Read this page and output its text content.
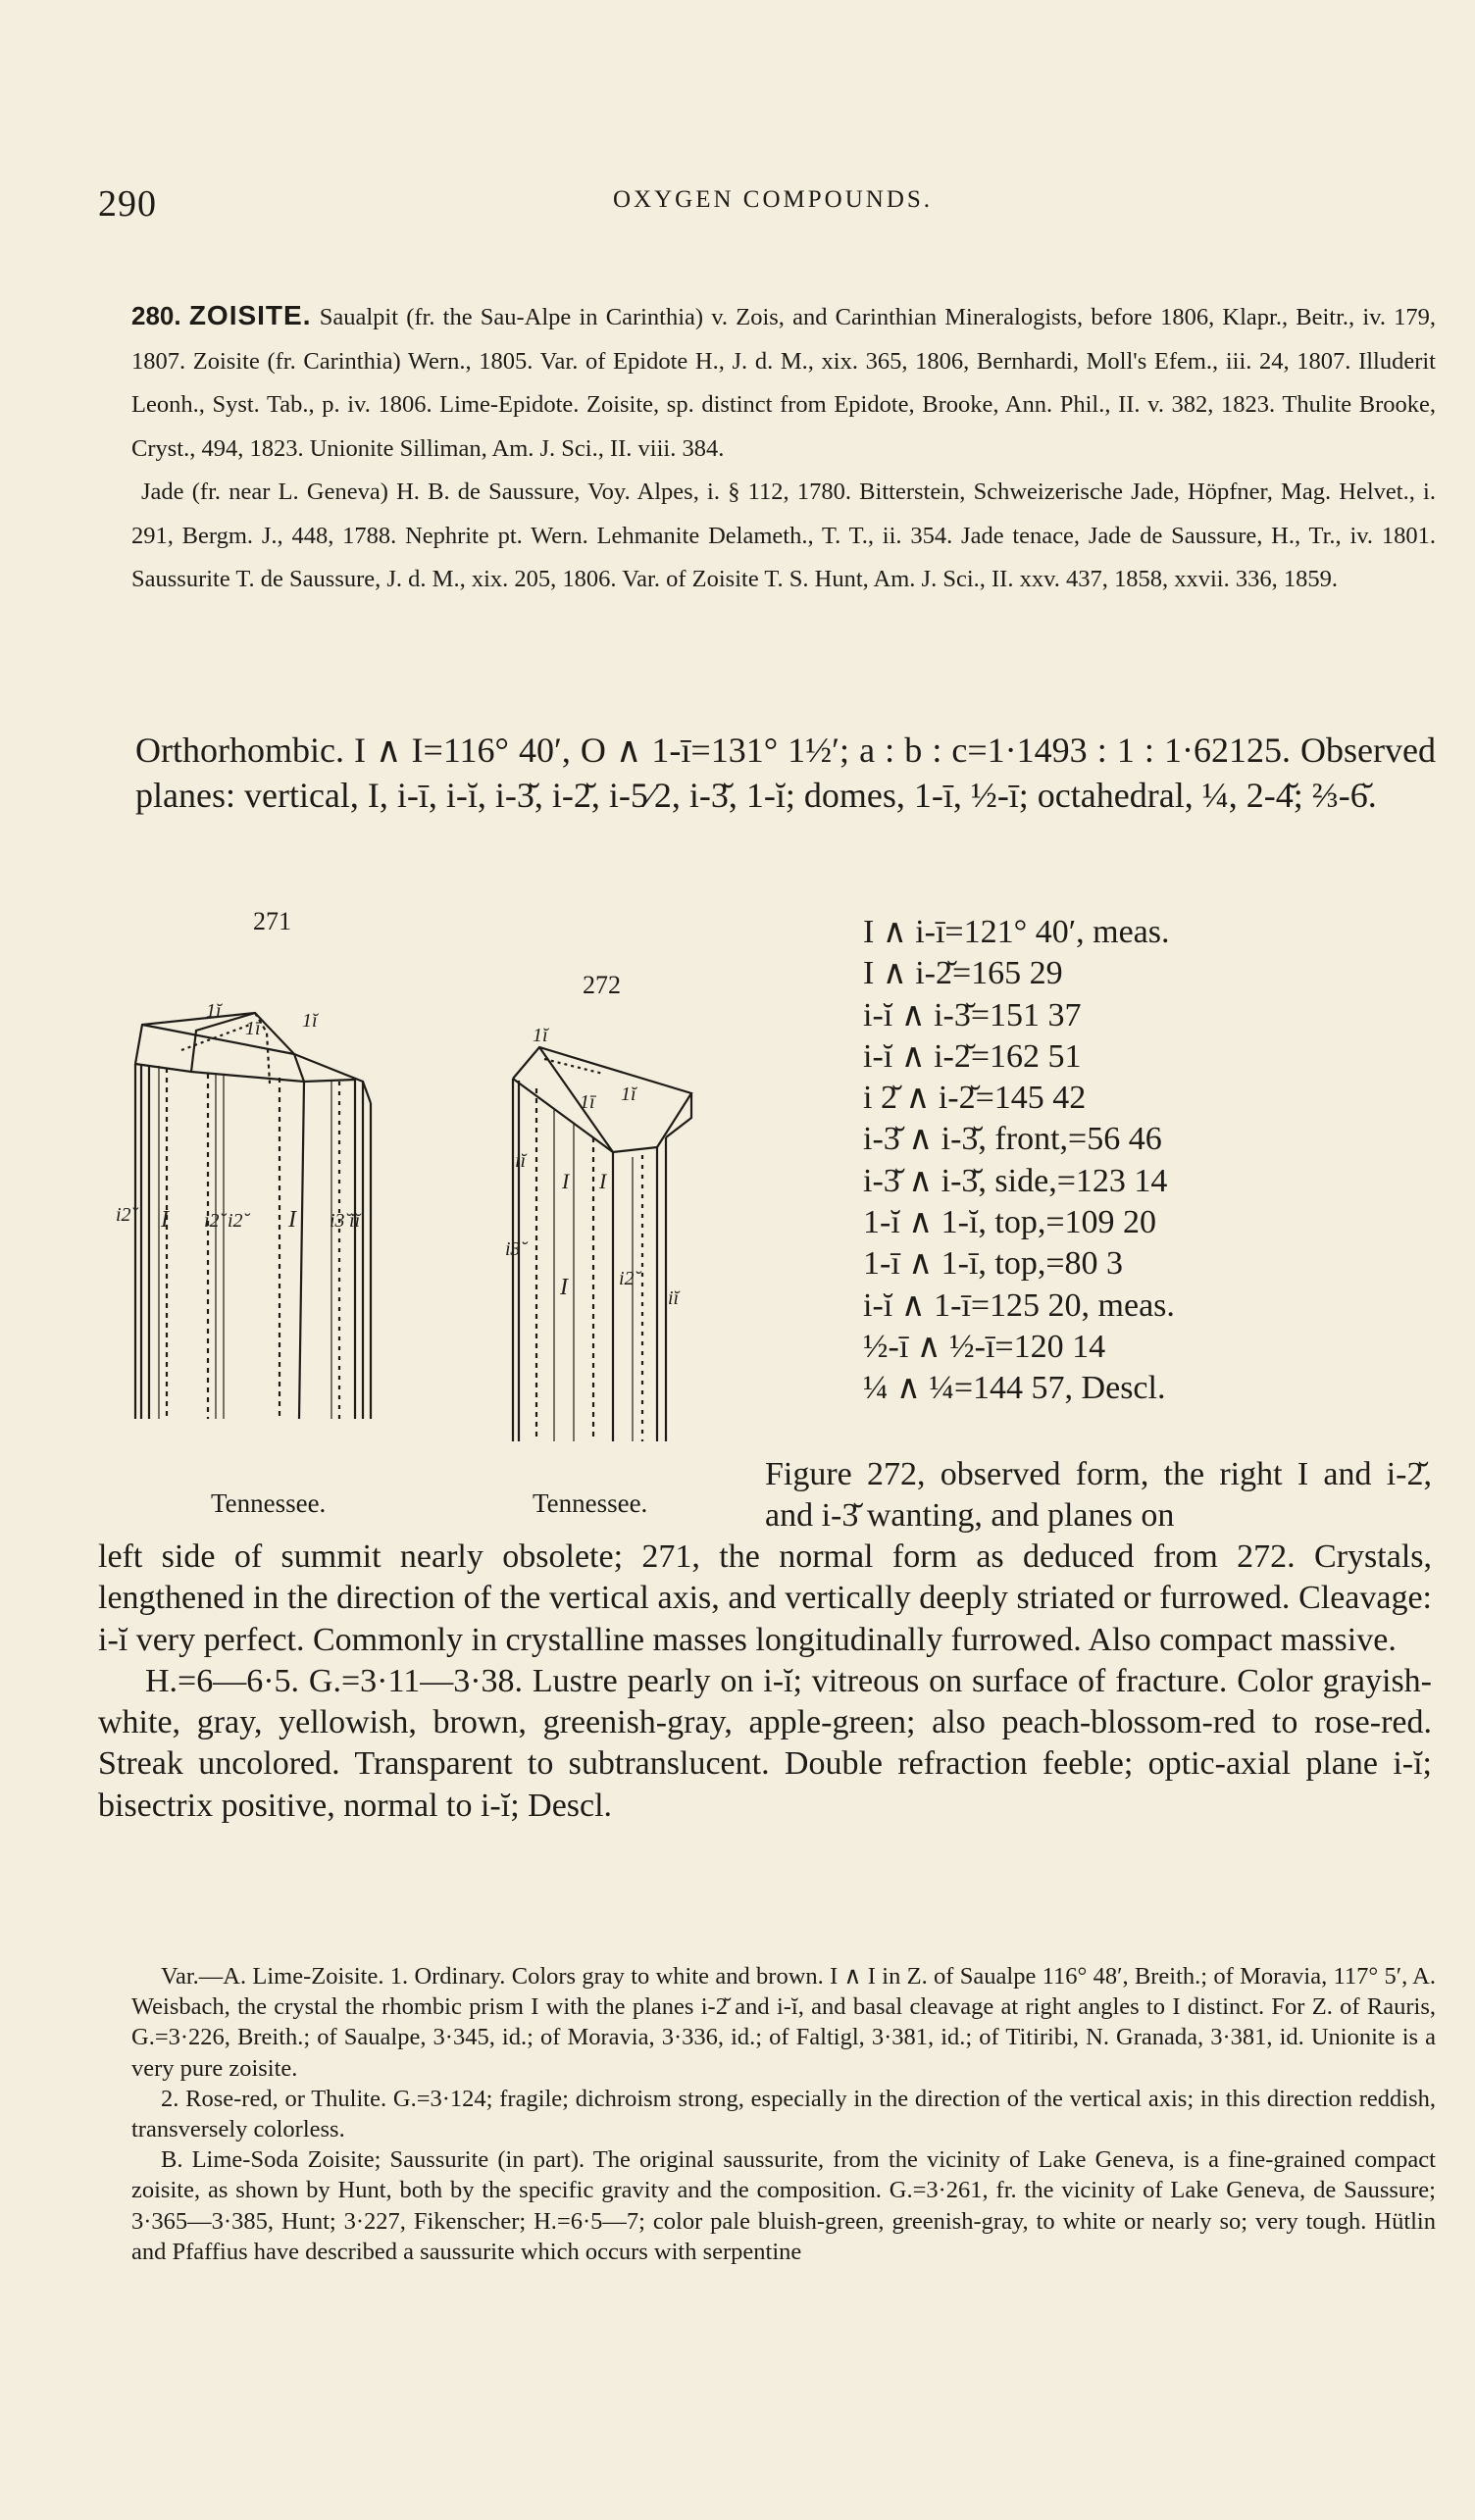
290	OXYGEN COMPOUNDS.

280. ZOISITE. Saualpit (fr. the Sau-Alpe in Carinthia) v. Zois, and Carinthian Mineralogists, before 1806, Klapr., Beitr., iv. 179, 1807. Zoisite (fr. Carinthia) Wern., 1805. Var. of Epidote H., J. d. M., xix. 365, 1806, Bernhardi, Moll's Efem., iii. 24, 1807. Illuderit Leonh., Syst. Tab., p. iv. 1806. Lime-Epidote. Zoisite, sp. distinct from Epidote, Brooke, Ann. Phil., II. v. 382, 1823. Thulite Brooke, Cryst., 494, 1823. Unionite Silliman, Am. J. Sci., II. viii. 384.

Jade (fr. near L. Geneva) H. B. de Saussure, Voy. Alpes, i. § 112, 1780. Bitterstein, Schweizerische Jade, Höpfner, Mag. Helvet., i. 291, Bergm. J., 448, 1788. Nephrite pt. Wern. Lehmanite Delameth., T. T., ii. 354. Jade tenace, Jade de Saussure, H., Tr., iv. 1801. Saussurite T. de Saussure, J. d. M., xix. 205, 1806. Var. of Zoisite T. S. Hunt, Am. J. Sci., II. xxv. 437, 1858, xxvii. 336, 1859.

Orthorhombic. I ∧ I=116° 40′, O ∧ 1-ī=131° 1½′; a : b : c=1·1493 : 1 : 1·62125. Observed planes: vertical, I, i-ī, i-ĭ, i-3̆, i-2̆, i-5⁄2, i-3̆, 1-ĭ; domes, 1-ī, ½-ī; octahedral, ¼, 2-4̆; ⅔-6̆.

271
1ĭ
1ī 1ĭ
i2̆	I i2̆ i2̆	I i3̆ iĭ
Tennessee.
272
1ĭ
1ī 1ĭ
iĭ
I I
i3̆
I	i2̆
iĭ
Tennessee.
I ∧ i-ī=121° 40′, meas.
I ∧ i-2̆=165 29
i-ĭ ∧ i-3̆=151 37
i-ĭ ∧ i-2̆=162 51
i 2̆ ∧ i-2̆=145 42
i-3̆ ∧ i-3̆, front,=56 46
i-3̆ ∧ i-3̆, side,=123 14
1-ĭ ∧ 1-ĭ, top,=109 20
1-ī ∧ 1-ī, top,=80 3
i-ĭ ∧ 1-ī=125 20, meas.
½-ī ∧ ½-ī=120 14
¼ ∧ ¼=144 57, Descl.
Figure 272, observed form, the right I and i-2̆, and i-3̆ wanting, and planes on

left side of summit nearly obsolete; 271, the normal form as deduced from 272. Crystals, lengthened in the direction of the vertical axis, and vertically deeply striated or furrowed. Cleavage: i-ĭ very perfect. Commonly in crystalline masses longitudinally furrowed. Also compact massive.

H.=6—6·5. G.=3·11—3·38. Lustre pearly on i-ĭ; vitreous on surface of fracture. Color grayish-white, gray, yellowish, brown, greenish-gray, apple-green; also peach-blossom-red to rose-red. Streak uncolored. Transparent to subtranslucent. Double refraction feeble; optic-axial plane i-ĭ; bisectrix positive, normal to i-ĭ; Descl.

Var.—A. Lime-Zoisite. 1. Ordinary. Colors gray to white and brown. I ∧ I in Z. of Saualpe 116° 48′, Breith.; of Moravia, 117° 5′, A. Weisbach, the crystal the rhombic prism I with the planes i-2̆ and i-ĭ, and basal cleavage at right angles to I distinct. For Z. of Rauris, G.=3·226, Breith.; of Saualpe, 3·345, id.; of Moravia, 3·336, id.; of Faltigl, 3·381, id.; of Titiribi, N. Granada, 3·381, id. Unionite is a very pure zoisite.

2. Rose-red, or Thulite. G.=3·124; fragile; dichroism strong, especially in the direction of the vertical axis; in this direction reddish, transversely colorless.

B. Lime-Soda Zoisite; Saussurite (in part). The original saussurite, from the vicinity of Lake Geneva, is a fine-grained compact zoisite, as shown by Hunt, both by the specific gravity and the composition. G.=3·261, fr. the vicinity of Lake Geneva, de Saussure; 3·365—3·385, Hunt; 3·227, Fikenscher; H.=6·5—7; color pale bluish-green, greenish-gray, to white or nearly so; very tough. Hütlin and Pfaffius have described a saussurite which occurs with serpentine
